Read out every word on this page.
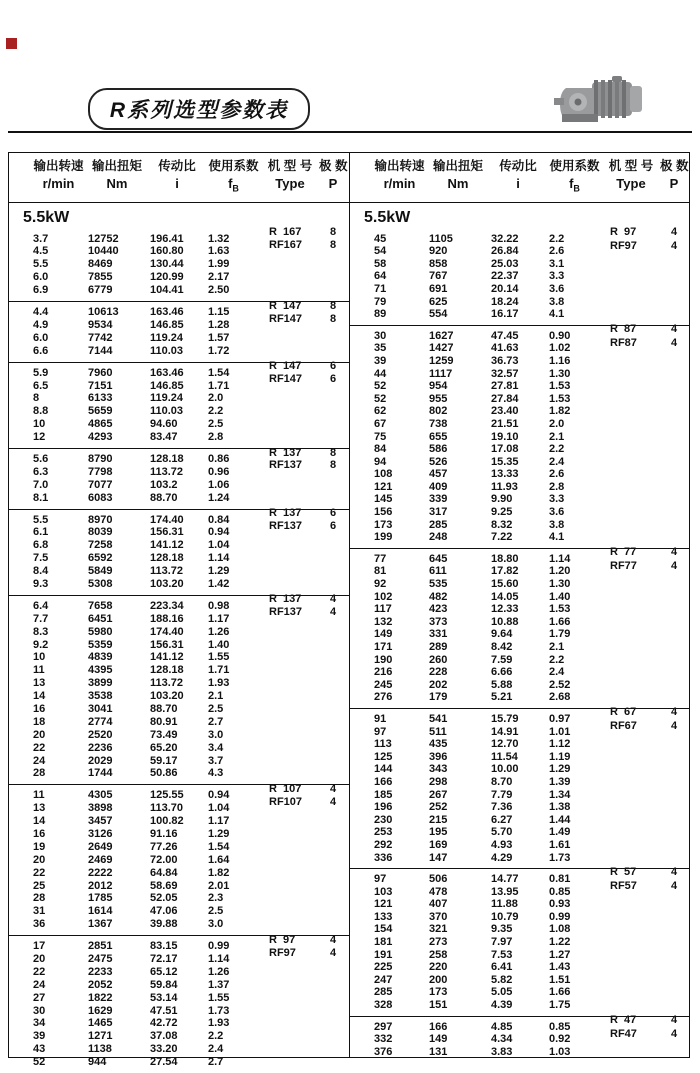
R系列选型参数表
输出转速
r/min
输出扭矩
Nm
传动比
i
使用系数
$f_B$
机 型 号
Type
极 数
P
5.5kW
3.7	12752	196.41	1.32
4.5	10440	160.80	1.63
5.5	8469	130.44	1.99
6.0	7855	120.99	2.17
6.9	6779	104.41	2.50
R  167
RF167
8
8
4.4	10613	163.46	1.15
4.9	9534	146.85	1.28
6.0	7742	119.24	1.57
6.6	7144	110.03	1.72
R  147
RF147
8
8
5.9	7960	163.46	1.54
6.5	7151	146.85	1.71
8	6133	119.24	2.0
8.8	5659	110.03	2.2
10	4865	94.60	2.5
12	4293	83.47	2.8
R  147
RF147
6
6
5.6	8790	128.18	0.86
6.3	7798	113.72	0.96
7.0	7077	103.2	1.06
8.1	6083	88.70	1.24
R  137
RF137
8
8
5.5	8970	174.40	0.84
6.1	8039	156.31	0.94
6.8	7258	141.12	1.04
7.5	6592	128.18	1.14
8.4	5849	113.72	1.29
9.3	5308	103.20	1.42
R  137
RF137
6
6
6.4	7658	223.34	0.98
7.7	6451	188.16	1.17
8.3	5980	174.40	1.26
9.2	5359	156.31	1.40
10	4839	141.12	1.55
11	4395	128.18	1.71
13	3899	113.72	1.93
14	3538	103.20	2.1
16	3041	88.70	2.5
18	2774	80.91	2.7
20	2520	73.49	3.0
22	2236	65.20	3.4
24	2029	59.17	3.7
28	1744	50.86	4.3
R  137
RF137
4
4
11	4305	125.55	0.94
13	3898	113.70	1.04
14	3457	100.82	1.17
16	3126	91.16	1.29
19	2649	77.26	1.54
20	2469	72.00	1.64
22	2222	64.84	1.82
25	2012	58.69	2.01
28	1785	52.05	2.3
31	1614	47.06	2.5
36	1367	39.88	3.0
R  107
RF107
4
4
17	2851	83.15	0.99
20	2475	72.17	1.14
22	2233	65.12	1.26
24	2052	59.84	1.37
27	1822	53.14	1.55
30	1629	47.51	1.73
34	1465	42.72	1.93
39	1271	37.08	2.2
43	1138	33.20	2.4
52	944	27.54	2.7
R  97
RF97
4
4
输出转速
r/min
输出扭矩
Nm
传动比
i
使用系数
$f_B$
机 型 号
Type
极 数
P
5.5kW
45	1105	32.22	2.2
54	920	26.84	2.6
58	858	25.03	3.1
64	767	22.37	3.3
71	691	20.14	3.6
79	625	18.24	3.8
89	554	16.17	4.1
R  97
RF97
4
4
30	1627	47.45	0.90
35	1427	41.63	1.02
39	1259	36.73	1.16
44	1117	32.57	1.30
52	954	27.81	1.53
52	955	27.84	1.53
62	802	23.40	1.82
67	738	21.51	2.0
75	655	19.10	2.1
84	586	17.08	2.2
94	526	15.35	2.4
108	457	13.33	2.6
121	409	11.93	2.8
145	339	9.90	3.3
156	317	9.25	3.6
173	285	8.32	3.8
199	248	7.22	4.1
R  87
RF87
4
4
77	645	18.80	1.14
81	611	17.82	1.20
92	535	15.60	1.30
102	482	14.05	1.40
117	423	12.33	1.53
132	373	10.88	1.66
149	331	9.64	1.79
171	289	8.42	2.1
190	260	7.59	2.2
216	228	6.66	2.4
245	202	5.88	2.52
276	179	5.21	2.68
R  77
RF77
4
4
91	541	15.79	0.97
97	511	14.91	1.01
113	435	12.70	1.12
125	396	11.54	1.19
144	343	10.00	1.29
166	298	8.70	1.39
185	267	7.79	1.34
196	252	7.36	1.38
230	215	6.27	1.44
253	195	5.70	1.49
292	169	4.93	1.61
336	147	4.29	1.73
R  67
RF67
4
4
97	506	14.77	0.81
103	478	13.95	0.85
121	407	11.88	0.93
133	370	10.79	0.99
154	321	9.35	1.08
181	273	7.97	1.22
191	258	7.53	1.27
225	220	6.41	1.43
247	200	5.82	1.51
285	173	5.05	1.66
328	151	4.39	1.75
R  57
RF57
4
4
297	166	4.85	0.85
332	149	4.34	0.92
376	131	3.83	1.03
R  47
RF47
4
4
